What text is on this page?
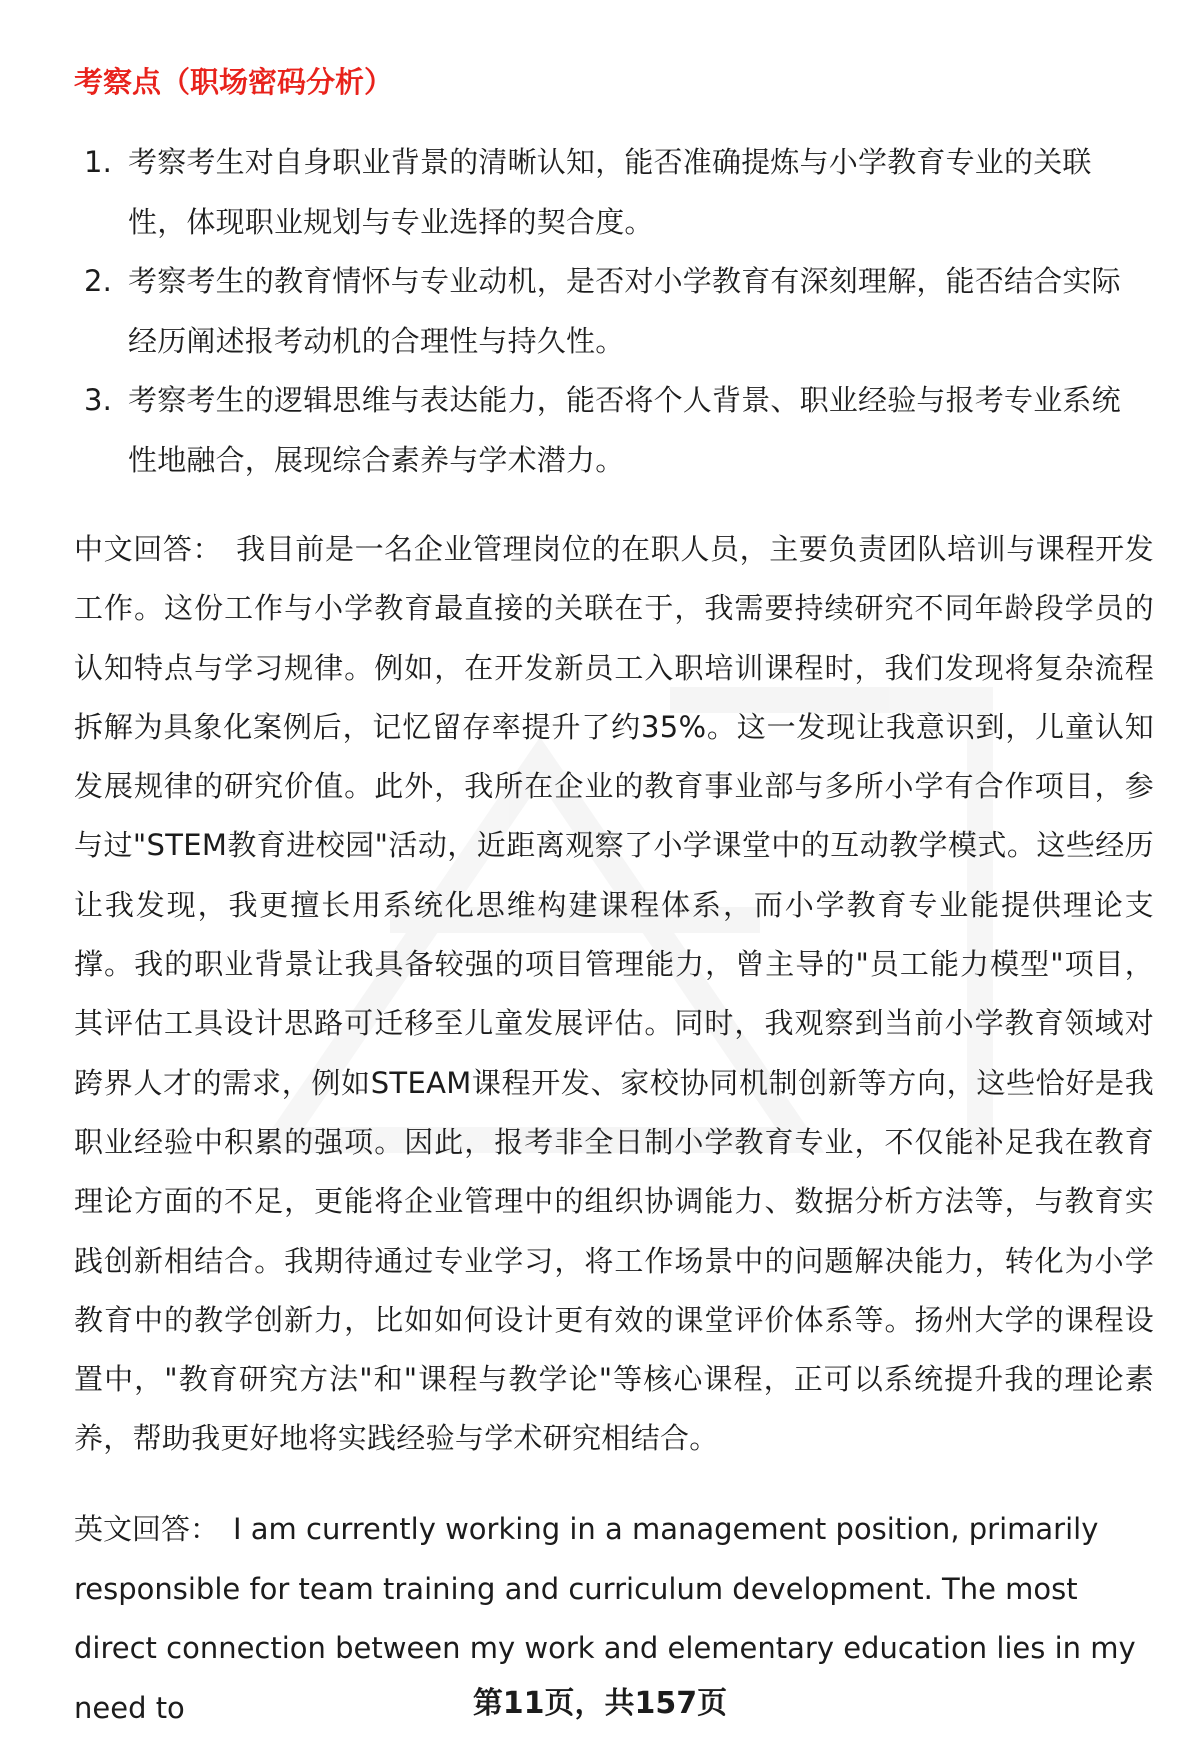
考察点（职场密码分析）
1. 考察考生对自身职业背景的清晰认知，能否准确提炼与小学教育专业的关联性，体现职业规划与专业选择的契合度。
2. 考察考生的教育情怀与专业动机，是否对小学教育有深刻理解，能否结合实际经历阐述报考动机的合理性与持久性。
3. 考察考生的逻辑思维与表达能力，能否将个人背景、职业经验与报考专业系统性地融合，展现综合素养与学术潜力。

中文回答： 我目前是一名企业管理岗位的在职人员，主要负责团队培训与课程开发工作。这份工作与小学教育最直接的关联在于，我需要持续研究不同年龄段学员的认知特点与学习规律。例如，在开发新员工入职培训课程时，我们发现将复杂流程拆解为具象化案例后，记忆留存率提升了约35%。这一发现让我意识到，儿童认知发展规律的研究价值。此外，我所在企业的教育事业部与多所小学有合作项目，参与过"STEM教育进校园"活动，近距离观察了小学课堂中的互动教学模式。这些经历让我发现，我更擅长用系统化思维构建课程体系，而小学教育专业能提供理论支撑。我的职业背景让我具备较强的项目管理能力，曾主导的"员工能力模型"项目，其评估工具设计思路可迁移至儿童发展评估。同时，我观察到当前小学教育领域对跨界人才的需求，例如STEAM课程开发、家校协同机制创新等方向，这些恰好是我职业经验中积累的强项。因此，报考非全日制小学教育专业，不仅能补足我在教育理论方面的不足，更能将企业管理中的组织协调能力、数据分析方法等，与教育实践创新相结合。我期待通过专业学习，将工作场景中的问题解决能力，转化为小学教育中的教学创新力，比如如何设计更有效的课堂评价体系等。扬州大学的课程设置中，"教育研究方法"和"课程与教学论"等核心课程，正可以系统提升我的理论素养，帮助我更好地将实践经验与学术研究相结合。

英文回答： I am currently working in a management position, primarily responsible for team training and curriculum development. The most direct connection between my work and elementary education lies in my need to	第11页，共157页
